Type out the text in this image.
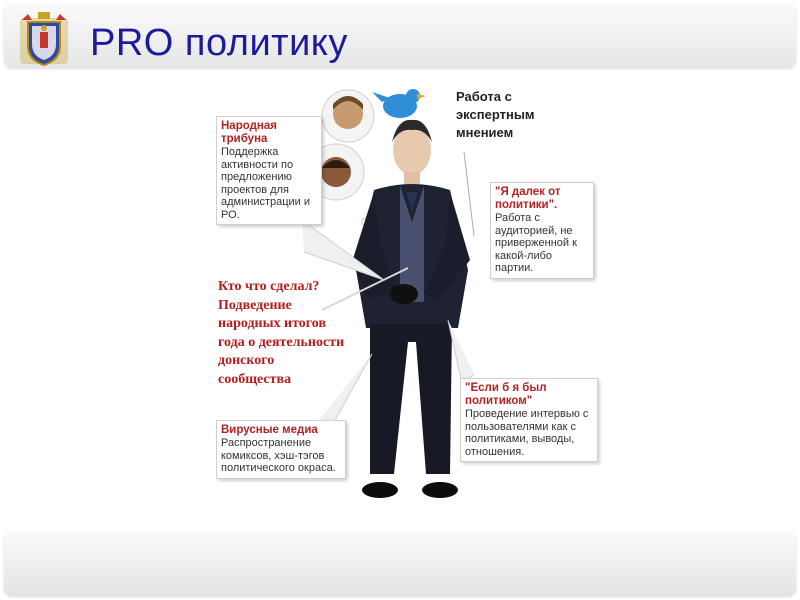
PRO политику
Народная трибуна
Поддержка активности по предложению проектов для администрации и РО.
Работа с экспертным мнением
"Я далек от политики".
Работа с аудиторией, не приверженной к какой-либо партии.
Кто что сделал? Подведение народных итогов года о деятельности донского сообщества
"Если б я был политиком"
Проведение интервью с пользователями как с политиками, выводы, отношения.
Вирусные медиа
Распространение комиксов, хэш-тэгов политического окраса.
